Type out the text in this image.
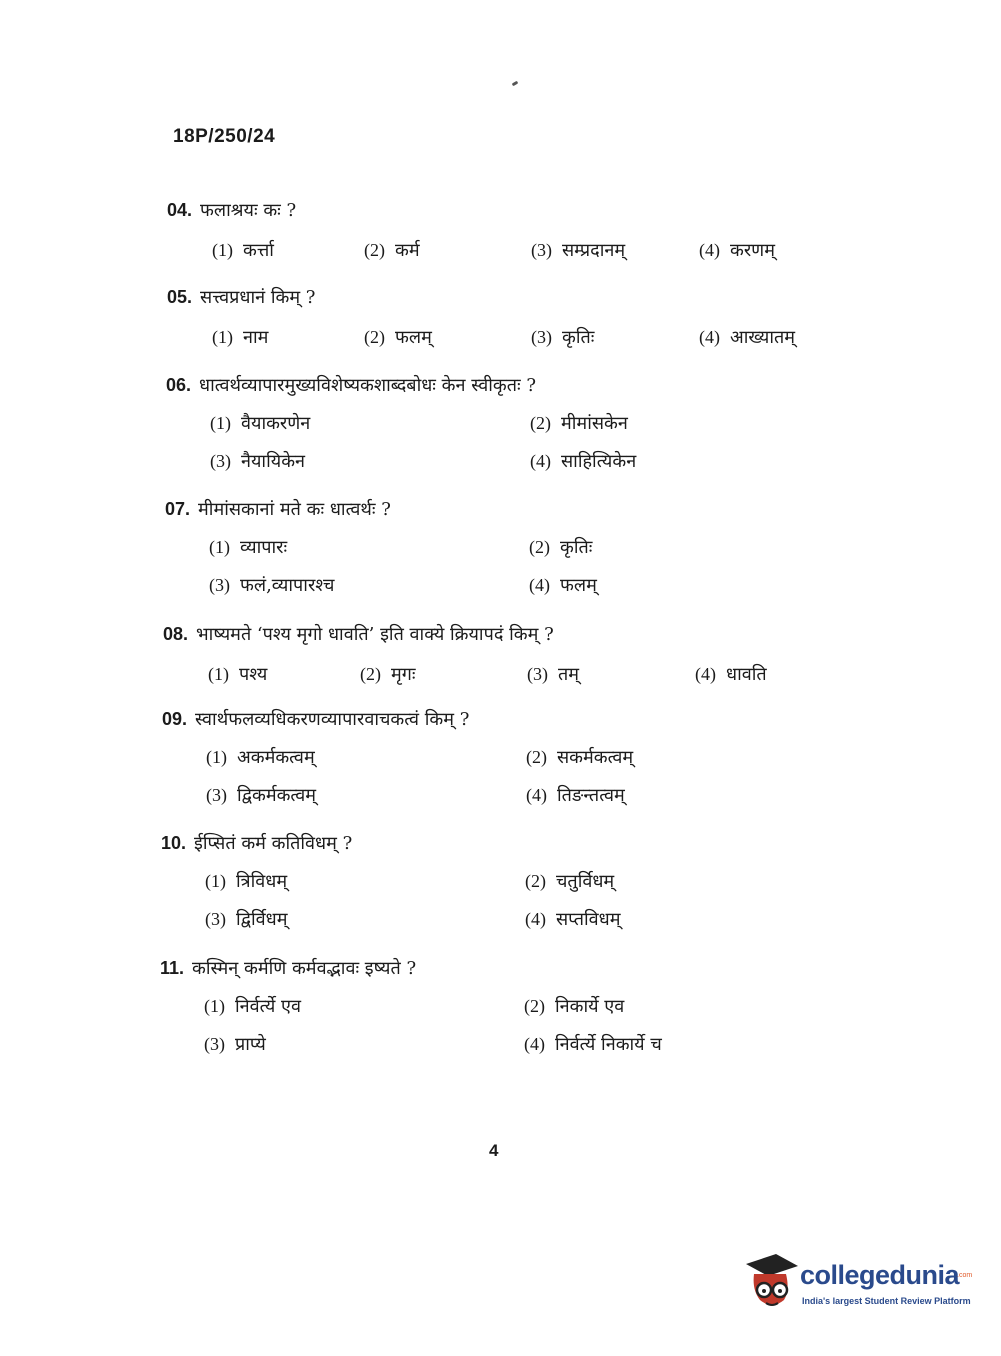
18P/250/24
04. फलाश्रयः कः ?
(1) कर्त्ता	(2) कर्म	(3) सम्प्रदानम्	(4) करणम्
05. सत्त्वप्रधानं किम् ?
(1) नाम	(2) फलम्	(3) कृतिः	(4) आख्यातम्
06. धात्वर्थव्यापारमुख्यविशेष्यकशाब्दबोधः केन स्वीकृतः ?
(1) वैयाकरणेन	(2) मीमांसकेन
(3) नैयायिकेन	(4) साहित्यिकेन
07. मीमांसकानां मते कः धात्वर्थः ?
(1) व्यापारः	(2) कृतिः
(3) फलं,व्यापारश्च	(4) फलम्
08. भाष्यमते ‘पश्य मृगो धावति’ इति वाक्ये क्रियापदं किम् ?
(1) पश्य	(2) मृगः	(3) तम्	(4) धावति
09. स्वार्थफलव्यधिकरणव्यापारवाचकत्वं किम् ?
(1) अकर्मकत्वम्	(2) सकर्मकत्वम्
(3) द्विकर्मकत्वम्	(4) तिङन्तत्वम्
10. ईप्सितं कर्म कतिविधम् ?
(1) त्रिविधम्	(2) चतुर्विधम्
(3) द्विर्विधम्	(4) सप्तविधम्
11. कस्मिन् कर्मणि कर्मवद्भावः इष्यते ?
(1) निर्वर्त्ये एव	(2) निकार्ये एव
(3) प्राप्ये	(4) निर्वर्त्ये निकार्ये च
4
collegedunia
.com
India's largest Student Review Platform
